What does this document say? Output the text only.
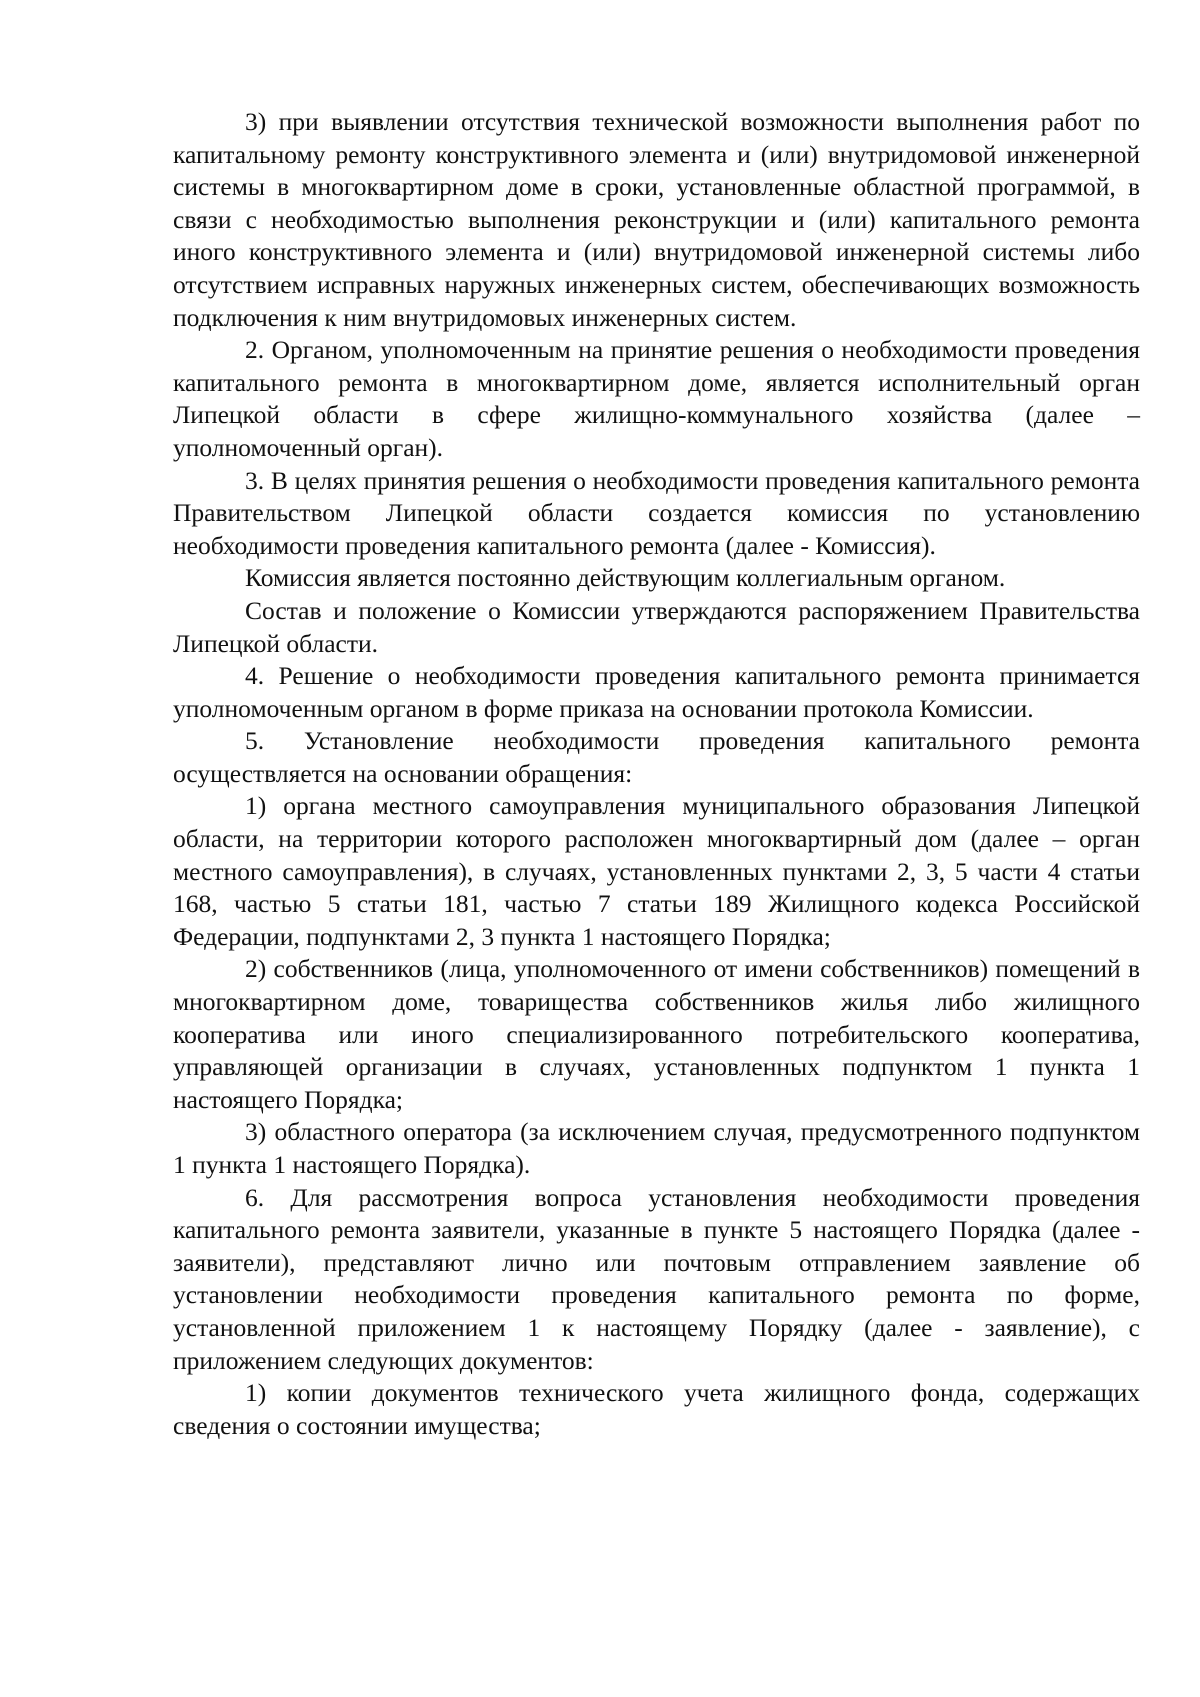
3) при выявлении отсутствия технической возможности выполнения работ по капитальному ремонту конструктивного элемента и (или) внутридомовой инженерной системы в многоквартирном доме в сроки, установленные областной программой, в связи с необходимостью выполнения реконструкции и (или) капитального ремонта иного конструктивного элемента и (или) внутридомовой инженерной системы либо отсутствием исправных наружных инженерных систем, обеспечивающих возможность подключения к ним внутридомовых инженерных систем.

2. Органом, уполномоченным на принятие решения о необходимости проведения капитального ремонта в многоквартирном доме, является исполнительный орган Липецкой области в сфере жилищно-коммунального хозяйства (далее – уполномоченный орган).

3. В целях принятия решения о необходимости проведения капитального ремонта Правительством Липецкой области создается комиссия по установлению необходимости проведения капитального ремонта (далее - Комиссия).

Комиссия является постоянно действующим коллегиальным органом.

Состав и положение о Комиссии утверждаются распоряжением Правительства Липецкой области.

4. Решение о необходимости проведения капитального ремонта принимается уполномоченным органом в форме приказа на основании протокола Комиссии.

5. Установление необходимости проведения капитального ремонта осуществляется на основании обращения:

1) органа местного самоуправления муниципального образования Липецкой области, на территории которого расположен многоквартирный дом (далее – орган местного самоуправления), в случаях, установленных пунктами 2, 3, 5 части 4 статьи 168, частью 5 статьи 181, частью 7 статьи 189 Жилищного кодекса Российской Федерации, подпунктами 2, 3 пункта 1 настоящего Порядка;

2) собственников (лица, уполномоченного от имени собственников) помещений в многоквартирном доме, товарищества собственников жилья либо жилищного кооператива или иного специализированного потребительского кооператива, управляющей организации в случаях, установленных подпунктом 1 пункта 1 настоящего Порядка;

3) областного оператора (за исключением случая, предусмотренного подпунктом 1 пункта 1 настоящего Порядка).

6. Для рассмотрения вопроса установления необходимости проведения капитального ремонта заявители, указанные в пункте 5 настоящего Порядка (далее - заявители), представляют лично или почтовым отправлением заявление об установлении необходимости проведения капитального ремонта по форме, установленной приложением 1 к настоящему Порядку (далее - заявление), с приложением следующих документов:

1) копии документов технического учета жилищного фонда, содержащих сведения о состоянии имущества;
